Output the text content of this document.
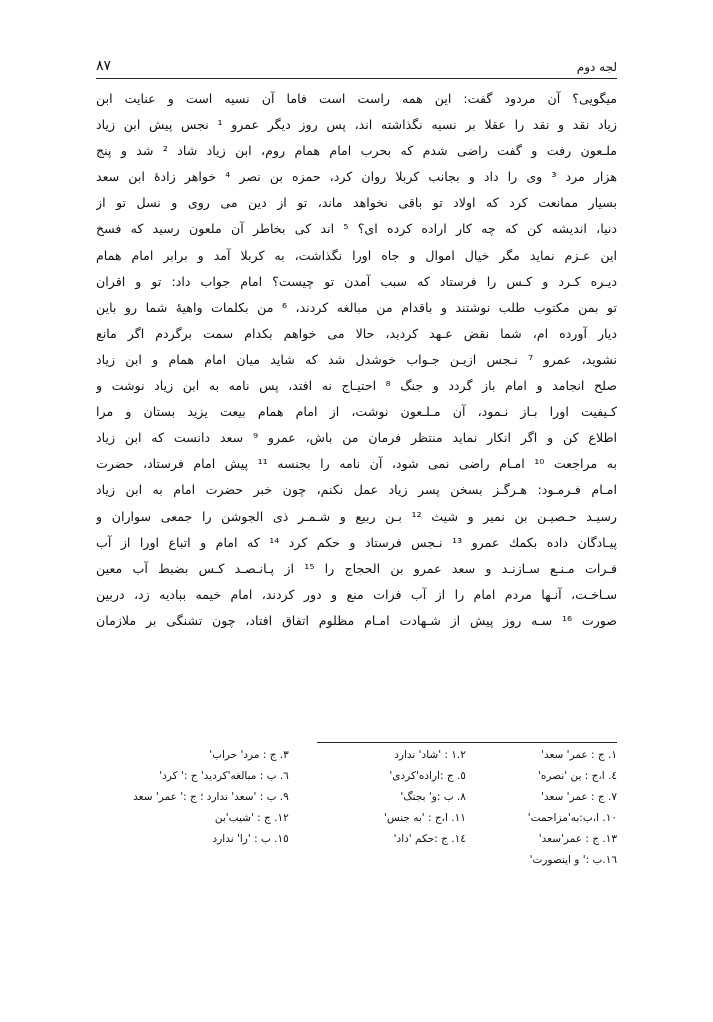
٨٧	لجه دوم
میگویی؟ آن مردود گفت: این همه راست است فاما آن نسیه است و عنایت ابن
زیاد نقد و نقد را عقلا بر نسیه نگذاشته اند، پس روز دیگر عمرو ¹ نجس پیش ابن زیاد
ملـعون رفت و گفت راضی شدم که بحرب امام همام روم، ابن زیاد شاد ² شد و پنج
هزار مرد ³ وی را داد و بجانب کربلا روان کرد، حمزه بن نصر ⁴ خواهر زادۀ ابن سعد
بسیار ممانعت کرد که اولاد تو باقی نخواهد ماند، تو از دین می روی و نسل تو از
دنیا، اندیشه کن که چه کار اراده کرده ای؟ ⁵ اند کی بخاطر آن ملعون رسید که فسخ
این عـزم نماید مگر خیال اموال و جاه اورا نگذاشت، به کربلا آمد و برابر امام همام
دیـره کـرد و کـس را فرستاد که سبب آمدن تو چیست؟ امام جواب داد: تو و اقران
تو بمن مکتوب طلب نوشتند و باقدام من مبالغه کردند، ⁶ من بکلمات واهیۀ شما رو باین
دیار آورده ام، شما نقض عـهد کردید، حالا می خواهم بکدام سمت برگردم اگر مانع
نشوید، عمرو ⁷ نـجس ازیـن جـواب خوشدل شد که شاید میان امام همام و ابن زیاد
صلح انجامد و امام باز گردد و جنگ ⁸ احتیـاج نه افتد، پس نامه به ابن زیاد نوشت و
کـیفیت اورا بـاز نـمود، آن مـلـعون نوشت، از امام همام بیعت یزید بستان و مرا
اطلاع کن و اگر انکار نماید منتظر فرمان من باش، عمرو ⁹ سعد دانست که ابن زیاد
به مراجعت ¹⁰ امـام راضی نمی شود، آن نامه را بجنسه ¹¹ پیش امام فرستاد، حضرت
امـام فـرمـود: هـرگـز بسخن پسر زیاد عمل نکنم، چون خبر حضرت امام به ابن زیاد
رسیـد حـصیـن بن نمیر و شیث ¹² بـن ربیع و شـمـر ذی الجوشن را جمعی سواران و
پیـادگان داده بکمك عمرو ¹³ نـجس فرستاد و حکم کرد ¹⁴ که امام و اتباع اورا از آب
فـرات مـنـع سـازنـد و سعد عمرو بن الحجاج را ¹⁵ از پـانـصـد کـس بضبط آب معین
سـاخـت، آنـها مردم امام را از آب فرات منع و دور کردند، امام خیمه ببادیه زد، دربین
صورت ¹⁶ سـه روز پیش از شـهادت امـام مظلوم اتفاق افتاد، چون تشنگی بر ملازمان
١. ج : عمر' سعد'
١.٢ : 'شاد' ندارد
٣. ج : مرد' حراب'
٤. ا،ج : بن 'نصره'
٥. ج :اراده'کردی'
٦. ب : مبالغه'کردید' ج :' کرد'
٧. ج : عمر' سعد'
٨. ب :و' بجنگ'
٩. ب : 'سعد' ندارد ؛ ج :' عمر' سعد
١٠. ا،ب:به'مزاحمت'
١١. ا،ج : 'به جنس'
١٢. ج : 'شیب'بن
١٣. ج : عمر'سعد'
١٤. ج :حکم 'داد'
١٥. ب : 'را' ندارد
١٦.ب :' و اینصورت'
